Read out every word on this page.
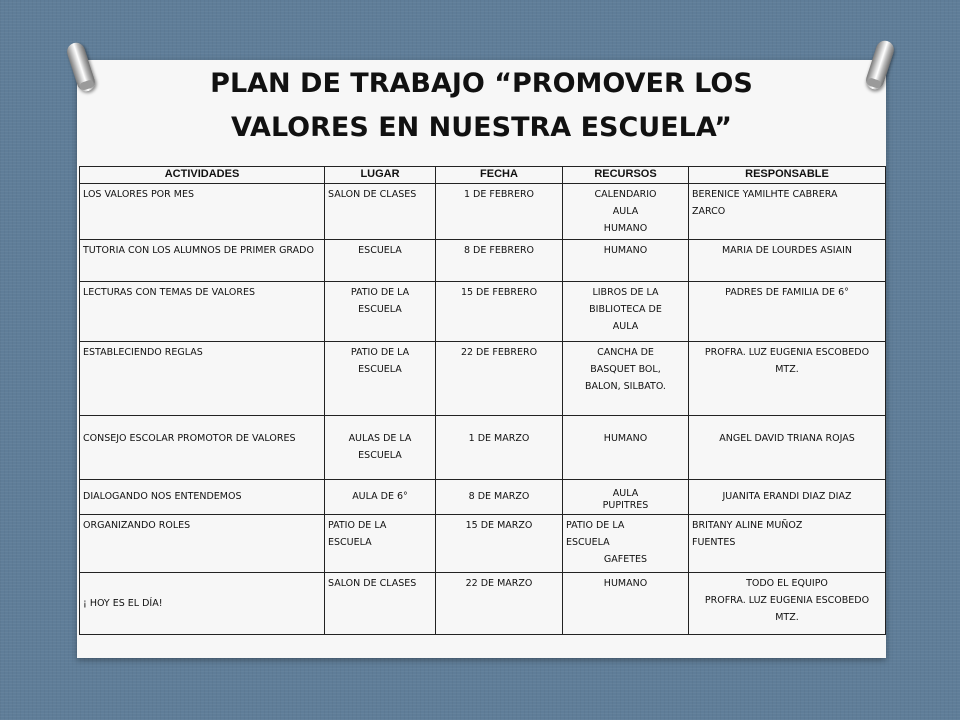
PLAN DE TRABAJO “PROMOVER LOS
VALORES EN NUESTRA ESCUELA”
ACTIVIDADES	LUGAR	FECHA	RECURSOS	RESPONSABLE
LOS VALORES POR MES	SALON DE CLASES	1 DE FEBRERO	CALENDARIO
AULA
HUMANO	BERENICE YAMILHTE CABRERA
ZARCO

TUTORIA CON LOS ALUMNOS DE PRIMER GRADO	ESCUELA	8 DE FEBRERO	HUMANO	MARIA DE LOURDES ASIAIN

LECTURAS CON TEMAS DE VALORES	PATIO DE LA ESCUELA	15 DE FEBRERO	LIBROS DE LA
BIBLIOTECA DE
AULA	PADRES DE FAMILIA DE 6°

ESTABLECIENDO REGLAS	PATIO DE LA ESCUELA	22 DE FEBRERO	CANCHA DE
BASQUET BOL,
BALON, SILBATO.	PROFRA. LUZ EUGENIA ESCOBEDO
MTZ.

CONSEJO ESCOLAR PROMOTOR DE VALORES	AULAS DE LA ESCUELA	1 DE MARZO	HUMANO	ANGEL DAVID TRIANA ROJAS

DIALOGANDO NOS ENTENDEMOS	AULA DE 6°	8 DE MARZO	AULA
PUPITRES	JUANITA ERANDI DIAZ DIAZ

ORGANIZANDO ROLES	PATIO DE LA ESCUELA	15 DE MARZO	PATIO DE LA
ESCUELA
GAFETES	BRITANY ALINE MUÑOZ
FUENTES

¡ HOY ES EL DÍA!	SALON DE CLASES	22 DE MARZO	HUMANO	TODO EL EQUIPO
PROFRA. LUZ EUGENIA ESCOBEDO
MTZ.
